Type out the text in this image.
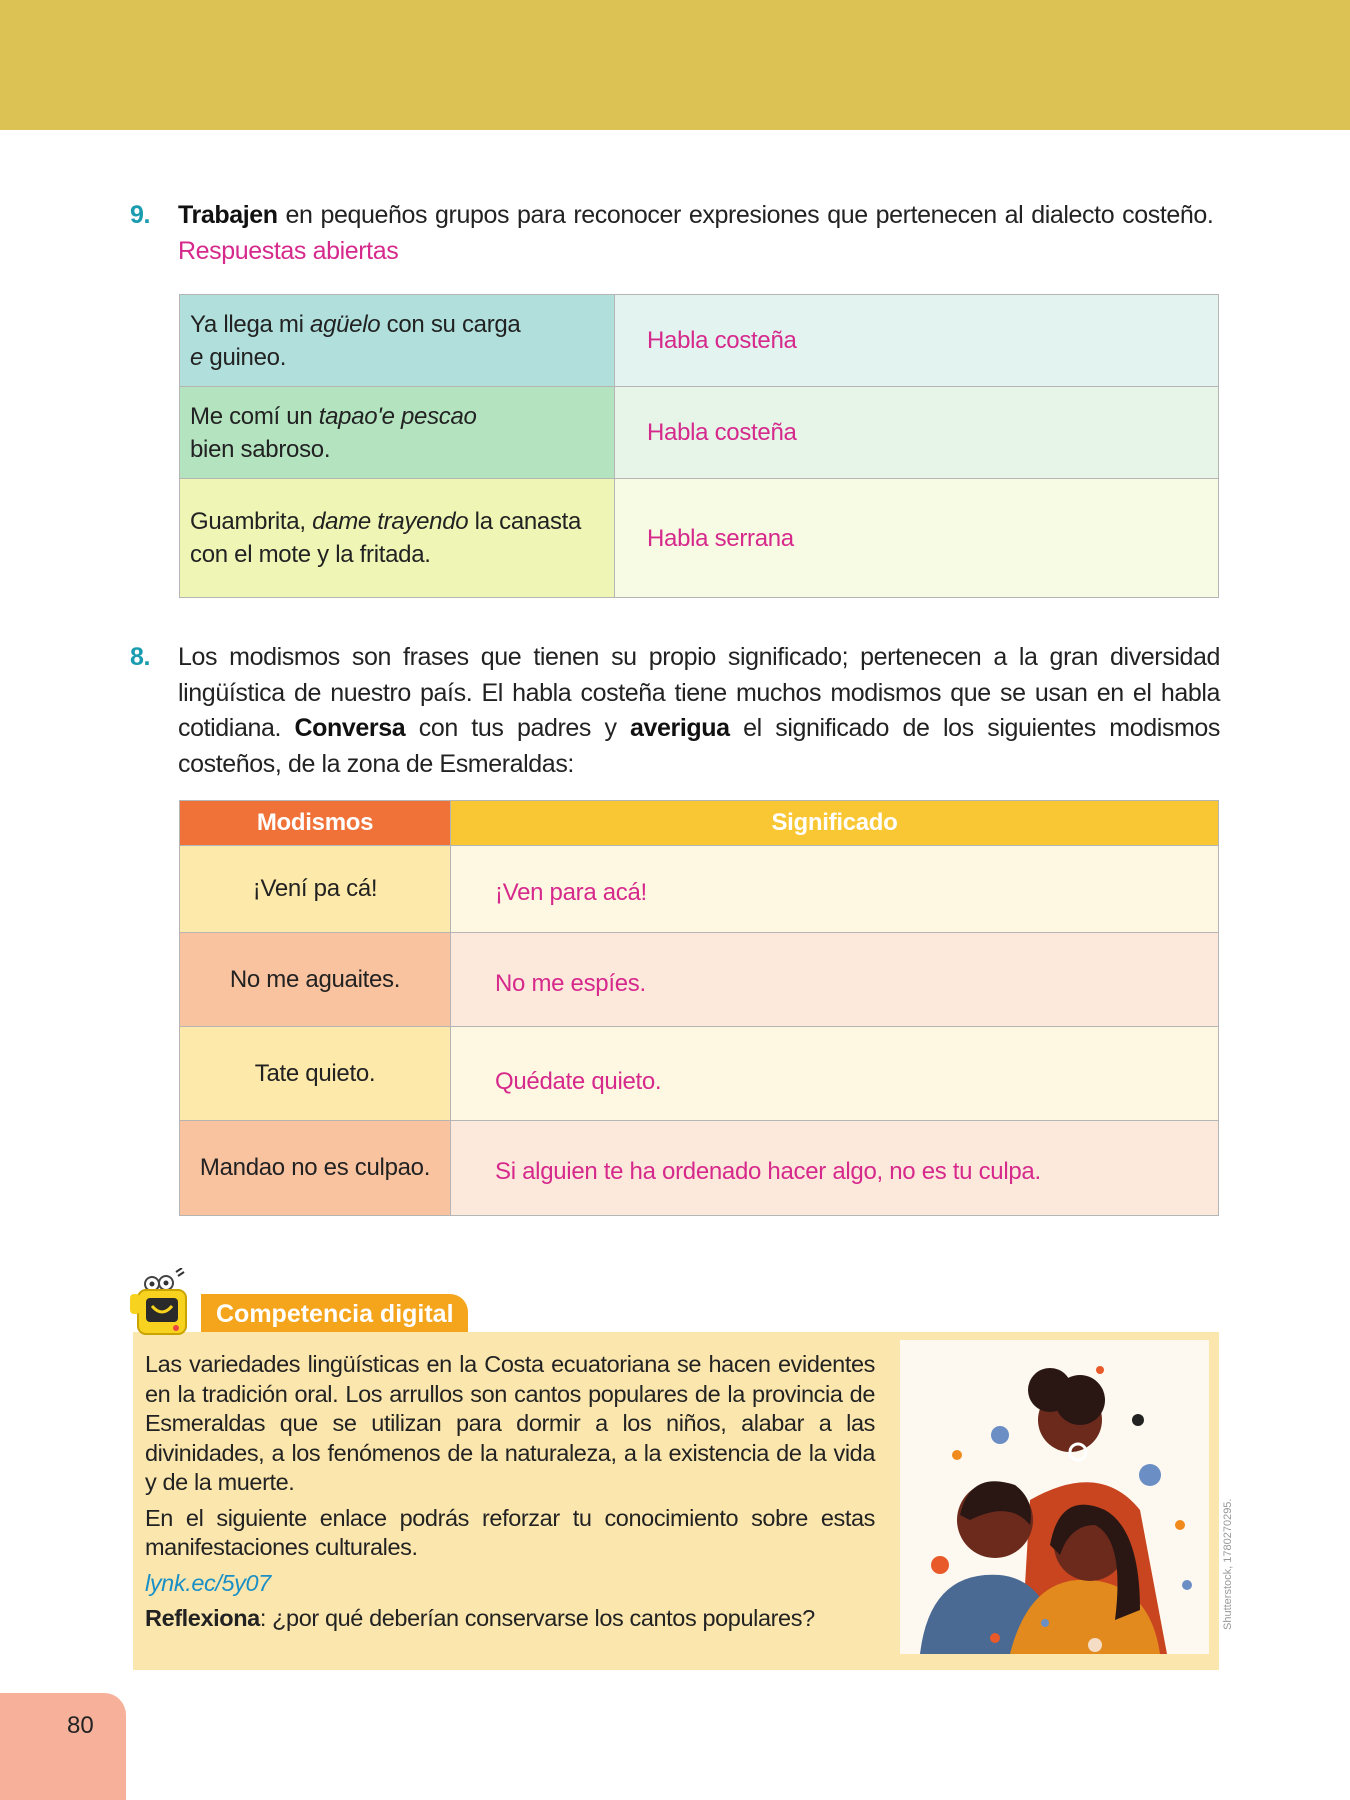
9. Trabajen en pequeños grupos para reconocer expresiones que pertenecen al dialecto costeño.  Respuestas abiertas
Ya llega mi agüelo con su carga
e guineo.	Habla costeña
Me comí un tapao'e pescao
bien sabroso.	Habla costeña
Guambrita, dame trayendo la canasta con el mote y la fritada.	Habla serrana
8. Los modismos son frases que tienen su propio significado; pertenecen a la gran diversidad lingüística de nuestro país. El habla costeña tiene muchos modismos que se usan en el habla cotidiana. Conversa con tus padres y averigua el significado de los siguientes modismos costeños, de la zona de Esmeraldas:
Modismos	Significado
¡Vení pa cá!	¡Ven para acá!
No me aguaites.	No me espíes.
Tate quieto.	Quédate quieto.
Mandao no es culpao.	Si alguien te ha ordenado hacer algo, no es tu culpa.
Competencia digital

Las variedades lingüísticas en la Costa ecuatoriana se hacen evidentes en la tradición oral. Los arrullos son cantos populares de la provincia de Esmeraldas que se utilizan para dormir a los niños, alabar a las divinidades, a los fenómenos de la naturaleza, a la existencia de la vida y de la muerte.

En el siguiente enlace podrás reforzar tu conocimiento sobre estas manifestaciones culturales.

lynk.ec/5y07

Reflexiona: ¿por qué deberían conservarse los cantos populares?	Shutterstock, 1780270295.
80
